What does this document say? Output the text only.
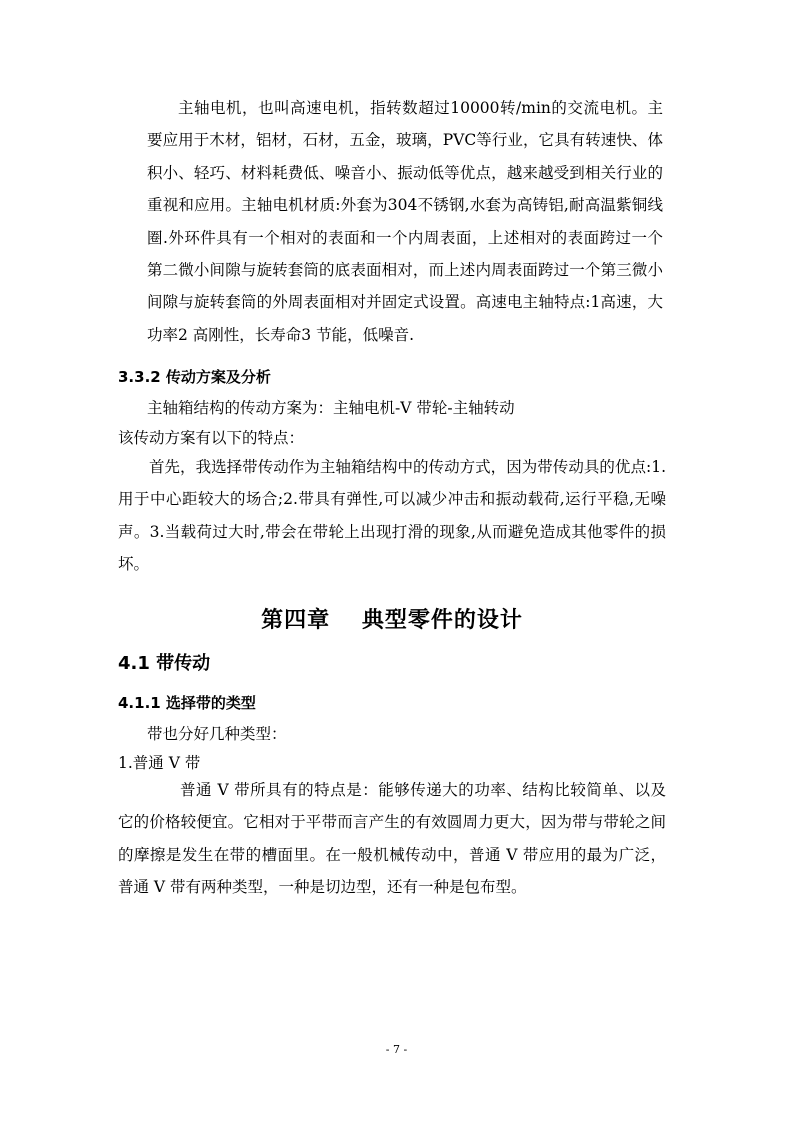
主轴电机，也叫高速电机，指转数超过10000转/min的交流电机。主要应用于木材，铝材，石材，五金，玻璃，PVC等行业，它具有转速快、体积小、轻巧、材料耗费低、噪音小、振动低等优点，越来越受到相关行业的重视和应用。主轴电机材质:外套为304不锈钢,水套为高铸铝,耐高温紫铜线圈.外环件具有一个相对的表面和一个内周表面，上述相对的表面跨过一个第二微小间隙与旋转套筒的底表面相对，而上述内周表面跨过一个第三微小间隙与旋转套筒的外周表面相对并固定式设置。高速电主轴特点:1高速，大功率2 高刚性，长寿命3 节能，低噪音.

3.3.2 传动方案及分析
主轴箱结构的传动方案为：主轴电机-V 带轮-主轴转动
该传动方案有以下的特点：

首先，我选择带传动作为主轴箱结构中的传动方式，因为带传动具的优点:1.用于中心距较大的场合;2.带具有弹性,可以减少冲击和振动载荷,运行平稳,无噪声。3.当载荷过大时,带会在带轮上出现打滑的现象,从而避免造成其他零件的损坏。

第四章　 典型零件的设计
4.1 带传动
4.1.1 选择带的类型
带也分好几种类型：
1.普通 V 带

普通 V 带所具有的特点是：能够传递大的功率、结构比较简单、以及它的价格较便宜。它相对于平带而言产生的有效圆周力更大，因为带与带轮之间的摩擦是发生在带的槽面里。在一般机械传动中，普通 V 带应用的最为广泛，普通 V 带有两种类型，一种是切边型，还有一种是包布型。

- 7 -
